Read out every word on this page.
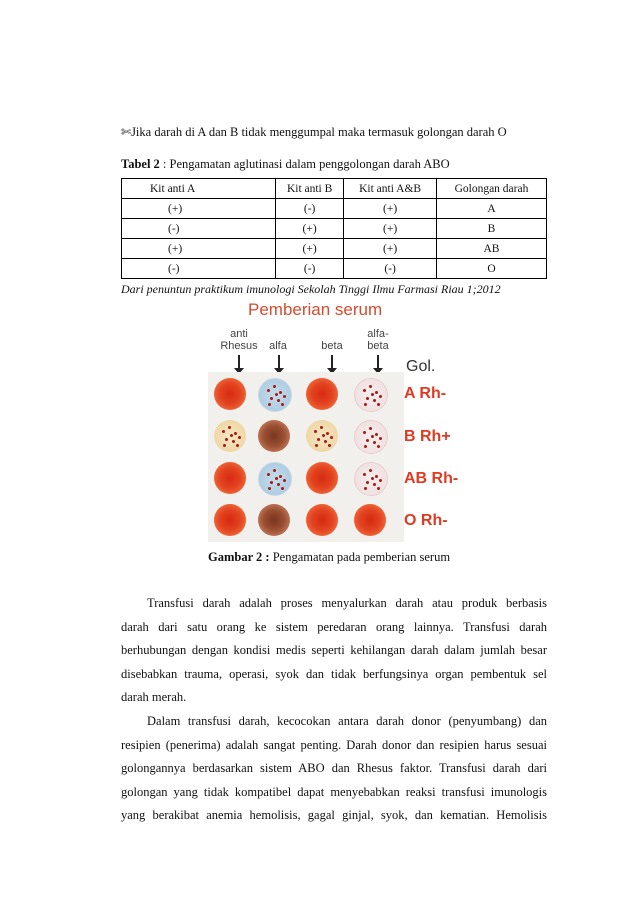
✄Jika darah di A dan B tidak menggumpal maka termasuk golongan darah O
Tabel 2 : Pengamatan aglutinasi dalam penggolongan darah ABO
Kit anti A	Kit anti B	Kit anti A&B	Golongan darah
(+)	(-)	(+)	A
(-)	(+)	(+)	B
(+)	(+)	(+)	AB
(-)	(-)	(-)	O
Dari penuntun praktikum imunologi Sekolah Tinggi Ilmu Farmasi Riau 1;2012
Pemberian serum
anti
Rhesus	alfa	beta
alfa-
beta
Gol.
A Rh-
B Rh+
AB Rh-
O Rh-
Gambar 2 : Pengamatan pada pemberian serum
Transfusi darah adalah proses menyalurkan darah atau produk berbasis
darah dari satu orang ke sistem peredaran orang lainnya. Transfusi darah
berhubungan dengan kondisi medis seperti kehilangan darah dalam jumlah besar
disebabkan trauma, operasi, syok dan tidak berfungsinya organ pembentuk sel
darah merah.
Dalam transfusi darah, kecocokan antara darah donor (penyumbang) dan
resipien (penerima) adalah sangat penting. Darah donor dan resipien harus sesuai
golongannya berdasarkan sistem ABO dan Rhesus faktor. Transfusi darah dari
golongan yang tidak kompatibel dapat menyebabkan reaksi transfusi imunologis
yang berakibat anemia hemolisis, gagal ginjal, syok, dan kematian. Hemolisis
